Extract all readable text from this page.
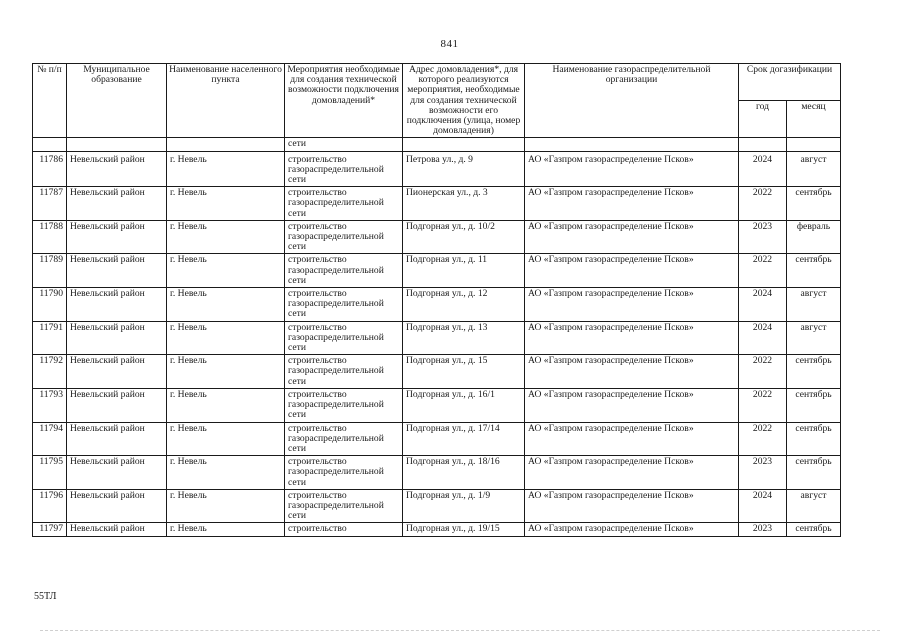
841
№ п/п	Муниципальное образование	Наименование населенного пункта	Мероприятия необходимые для создания технической возможности подключения домовладений*	Адрес домовладения*, для которого реализуются мероприятия, необходимые для создания технической возможности его подключения (улица, номер домовладения)	Наименование газораспределительной организации	Срок догазификации	
						год	месяц
			сети				
11786	Невельский район	г. Невель	строительство газораспределительной сети	Петрова ул., д. 9	АО «Газпром газораспределение Псков»	2024	август
11787	Невельский район	г. Невель	строительство газораспределительной сети	Пионерская ул., д. 3	АО «Газпром газораспределение Псков»	2022	сентябрь
11788	Невельский район	г. Невель	строительство газораспределительной сети	Подгорная ул., д. 10/2	АО «Газпром газораспределение Псков»	2023	февраль
11789	Невельский район	г. Невель	строительство газораспределительной сети	Подгорная ул., д. 11	АО «Газпром газораспределение Псков»	2022	сентябрь
11790	Невельский район	г. Невель	строительство газораспределительной сети	Подгорная ул., д. 12	АО «Газпром газораспределение Псков»	2024	август
11791	Невельский район	г. Невель	строительство газораспределительной сети	Подгорная ул., д. 13	АО «Газпром газораспределение Псков»	2024	август
11792	Невельский район	г. Невель	строительство газораспределительной сети	Подгорная ул., д. 15	АО «Газпром газораспределение Псков»	2022	сентябрь
11793	Невельский район	г. Невель	строительство газораспределительной сети	Подгорная ул., д. 16/1	АО «Газпром газораспределение Псков»	2022	сентябрь
11794	Невельский район	г. Невель	строительство газораспределительной сети	Подгорная ул., д. 17/14	АО «Газпром газораспределение Псков»	2022	сентябрь
11795	Невельский район	г. Невель	строительство газораспределительной сети	Подгорная ул., д. 18/16	АО «Газпром газораспределение Псков»	2023	сентябрь
11796	Невельский район	г. Невель	строительство газораспределительной сети	Подгорная ул., д. 1/9	АО «Газпром газораспределение Псков»	2024	август
11797	Невельский район	г. Невель	строительство	Подгорная ул., д. 19/15	АО «Газпром газораспределение Псков»	2023	сентябрь
55ТЛ
